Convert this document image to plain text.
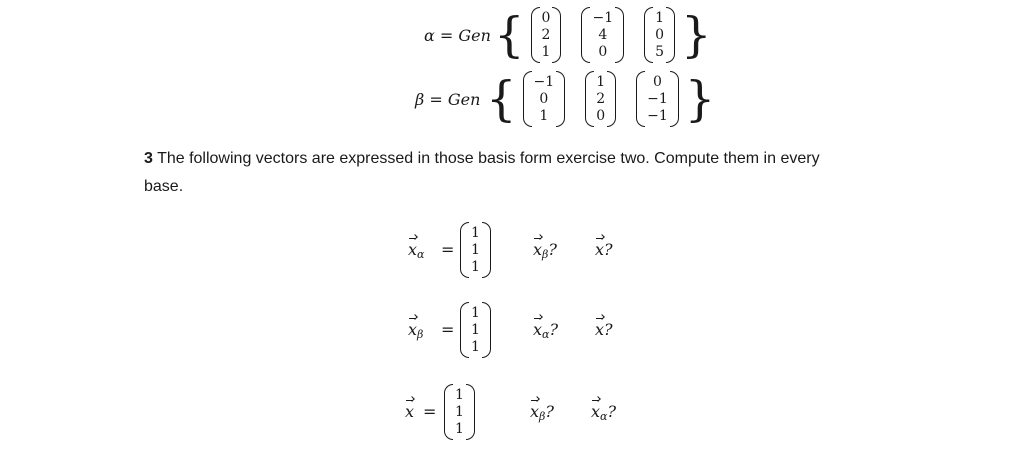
α = Gen { 0
2
1
−1
4
0
1
0
5 }
β = Gen { −1
0
1
1
2
0
0
−1
−1 }
3 The following vectors are expressed in those basis form exercise two. Compute them in every
base.
$x_\alpha$ =
1
1
1
$x_\beta$? x?
$x_\beta$ =
1
1
1
$x_\alpha$? x?
x =
1
1
1
$x_\beta$? $x_\alpha$?
